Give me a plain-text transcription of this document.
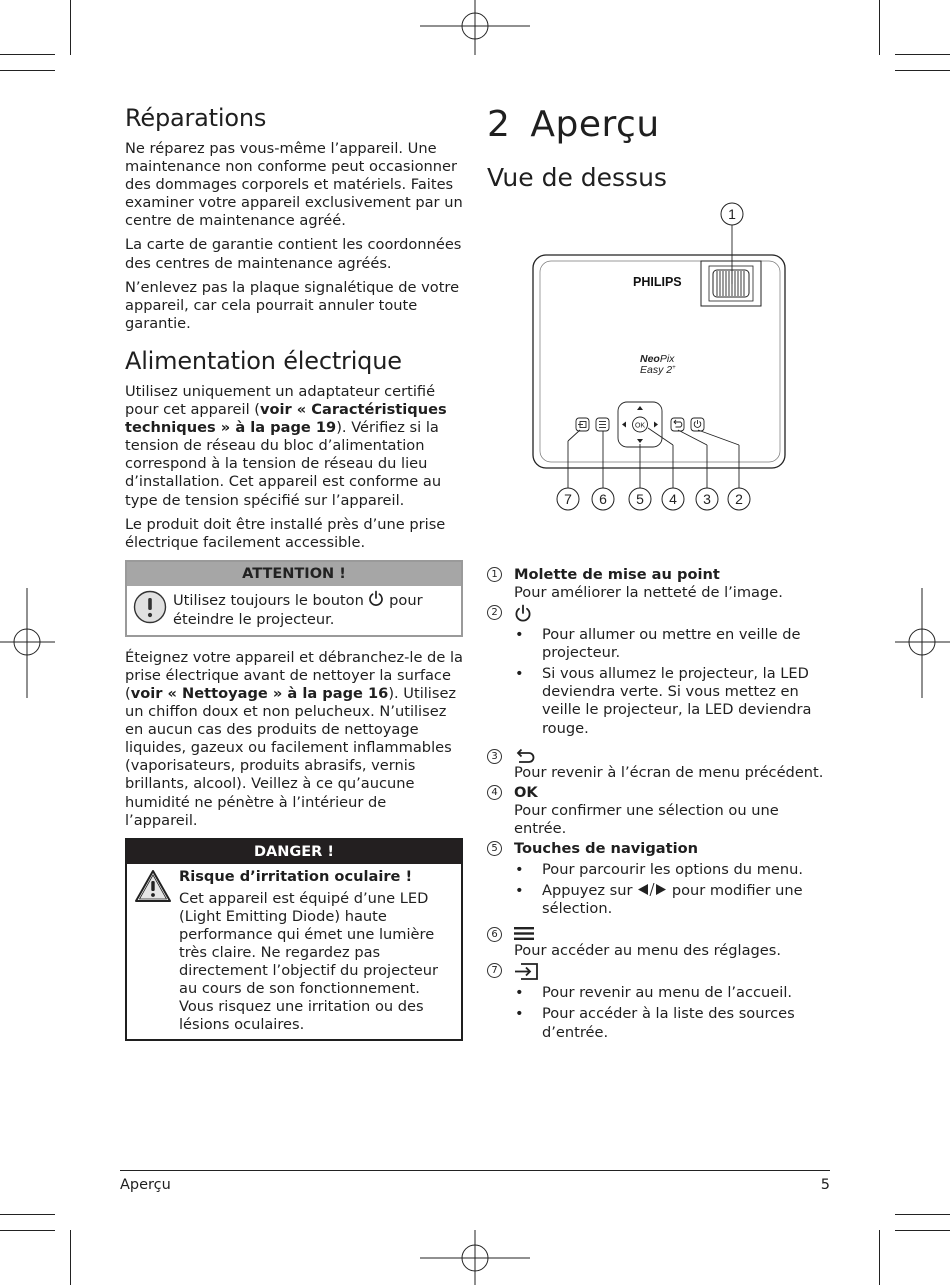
Réparations

Ne réparez pas vous-même l’appareil. Une maintenance non conforme peut occasionner des dommages corporels et matériels. Faites examiner votre appareil exclusivement par un centre de maintenance agréé.

La carte de garantie contient les coordonnées des centres de maintenance agréés.

N’enlevez pas la plaque signalétique de votre appareil, car cela pourrait annuler toute garantie.

Alimentation électrique

Utilisez uniquement un adaptateur certifié pour cet appareil (voir « Caractéristiques techniques » à la page 19). Vérifiez si la tension de réseau du bloc d’alimentation correspond à la tension de réseau du lieu d’installation. Cet appareil est conforme au type de tension spécifié sur l’appareil.

Le produit doit être installé près d’une prise électrique facilement accessible.

ATTENTION !
Utilisez toujours le bouton pour éteindre le projecteur.

Éteignez votre appareil et débranchez-le de la prise électrique avant de nettoyer la surface (voir « Nettoyage » à la page 16). Utilisez un chiffon doux et non pelucheux. N’utilisez en aucun cas des produits de nettoyage liquides, gazeux ou facilement inflammables (vaporisateurs, produits abrasifs, vernis brillants, alcool). Veillez à ce qu’aucune humidité ne pénètre à l’intérieur de l’appareil.

DANGER !
Risque d’irritation oculaire !
Cet appareil est équipé d’une LED (Light Emitting Diode) haute performance qui émet une lumière très claire. Ne regardez pas directement l’objectif du projecteur au cours de son fonctionnement. Vous risquez une irritation ou des lésions oculaires.
2 Aperçu
Vue de dessus
PHILIPS
NeoPix
Easy 2+
OK
1
7 6 5 4 3 2
1 Molette de mise au point
Pour améliorer la netteté de l’image.
2
•	Pour allumer ou mettre en veille de projecteur.
•	Si vous allumez le projecteur, la LED deviendra verte. Si vous mettez en veille le projecteur, la LED deviendra rouge.
3
Pour revenir à l’écran de menu précédent.
4 OK
Pour confirmer une sélection ou une entrée.
5 Touches de navigation
•	Pour parcourir les options du menu.
•	Appuyez sur	pour modifier une sélection.
6
Pour accéder au menu des réglages.
7
•	Pour revenir au menu de l’accueil.
•	Pour accéder à la liste des sources d’entrée.
Aperçu	5
